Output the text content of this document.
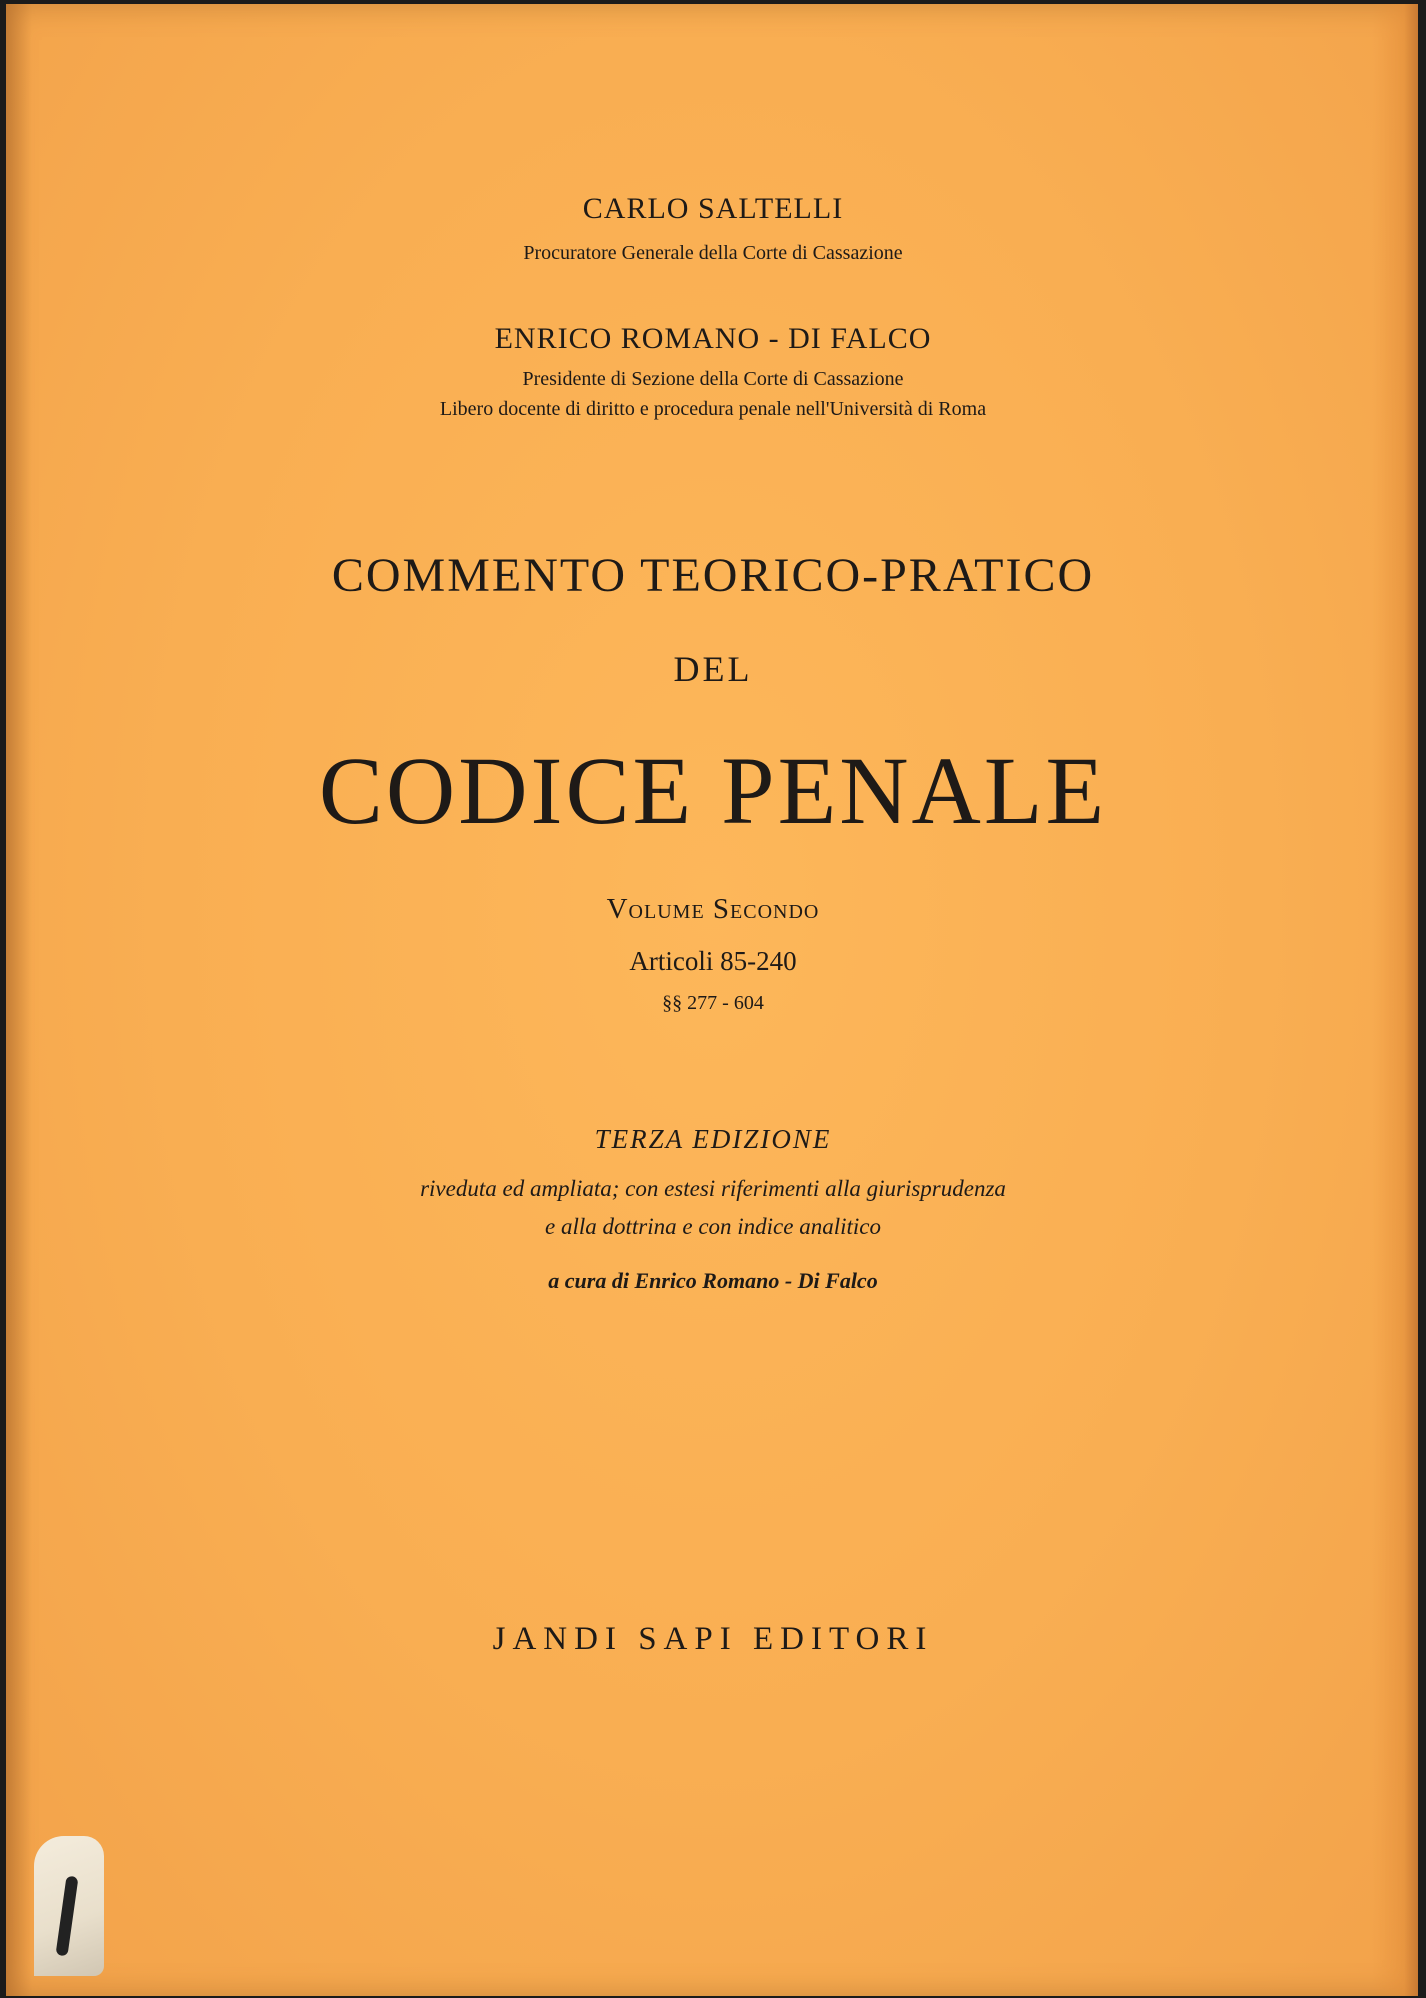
CARLO SALTELLI

Procuratore Generale della Corte di Cassazione

ENRICO ROMANO - DI FALCO

Presidente di Sezione della Corte di Cassazione

Libero docente di diritto e procedura penale nell'Università di Roma

COMMENTO TEORICO-PRATICO
DEL
CODICE PENALE

Volume Secondo

Articoli 85-240

§§ 277 - 604

TERZA EDIZIONE

riveduta ed ampliata; con estesi riferimenti alla giurisprudenza

e alla dottrina e con indice analitico

a cura di Enrico Romano - Di Falco

JANDI SAPI EDITORI
